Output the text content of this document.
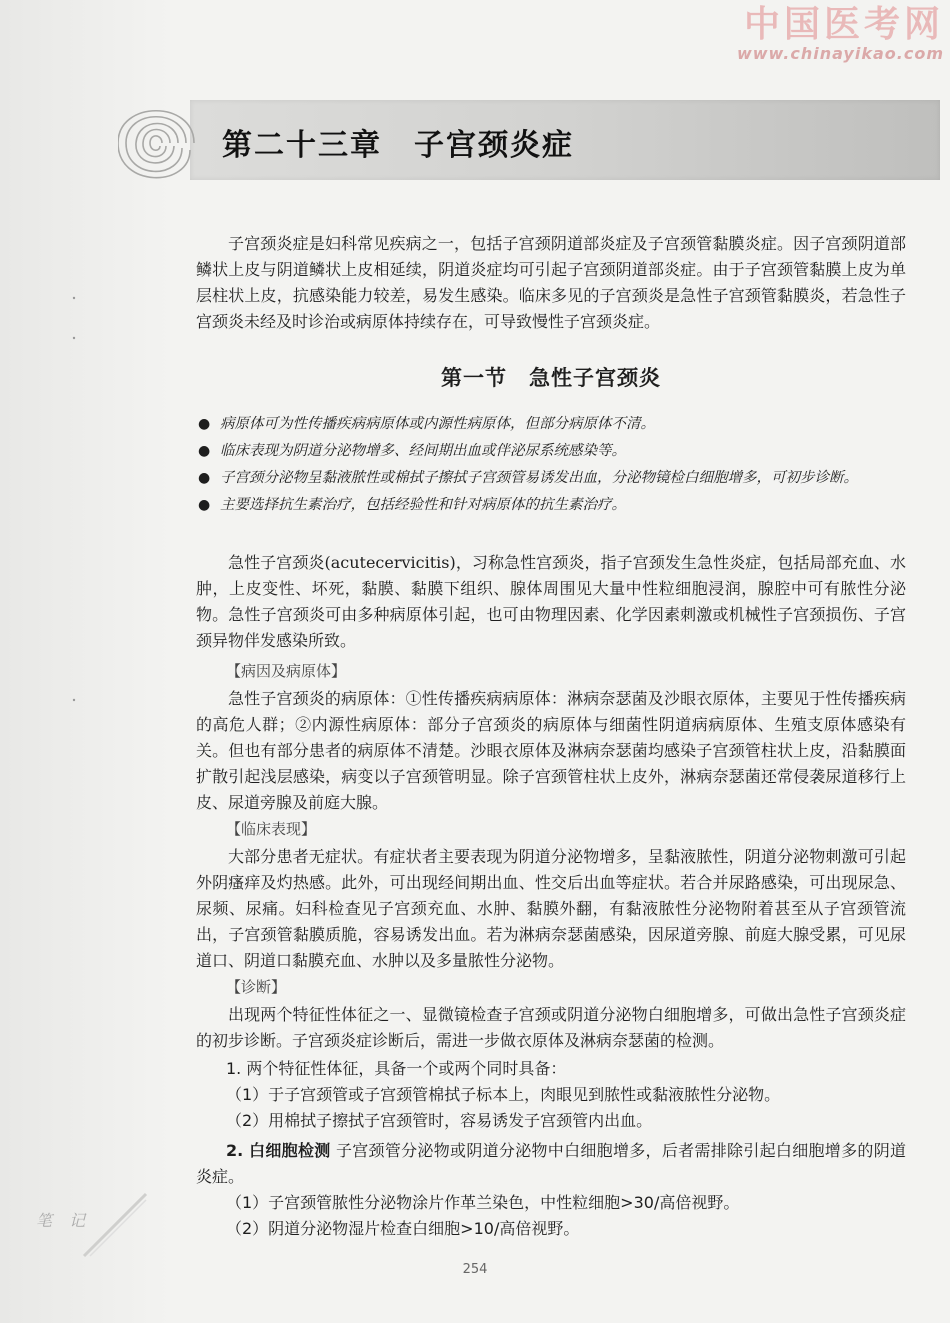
中国医考网
www.chinayikao.com
第二十三章　子宫颈炎症
子宫颈炎症是妇科常见疾病之一，包括子宫颈阴道部炎症及子宫颈管黏膜炎症。因子宫颈阴道部鳞状上皮与阴道鳞状上皮相延续，阴道炎症均可引起子宫颈阴道部炎症。由于子宫颈管黏膜上皮为单层柱状上皮，抗感染能力较差，易发生感染。临床多见的子宫颈炎是急性子宫颈管黏膜炎，若急性子宫颈炎未经及时诊治或病原体持续存在，可导致慢性子宫颈炎症。
第一节　急性子宫颈炎
● 病原体可为性传播疾病病原体或内源性病原体，但部分病原体不清。
● 临床表现为阴道分泌物增多、经间期出血或伴泌尿系统感染等。
● 子宫颈分泌物呈黏液脓性或棉拭子擦拭子宫颈管易诱发出血，分泌物镜检白细胞增多，可初步诊断。
● 主要选择抗生素治疗，包括经验性和针对病原体的抗生素治疗。
急性子宫颈炎(acutecervicitis)，习称急性宫颈炎，指子宫颈发生急性炎症，包括局部充血、水肿，上皮变性、坏死，黏膜、黏膜下组织、腺体周围见大量中性粒细胞浸润，腺腔中可有脓性分泌物。急性子宫颈炎可由多种病原体引起，也可由物理因素、化学因素刺激或机械性子宫颈损伤、子宫颈异物伴发感染所致。
【病因及病原体】
急性子宫颈炎的病原体：①性传播疾病病原体：淋病奈瑟菌及沙眼衣原体，主要见于性传播疾病的高危人群；②内源性病原体：部分子宫颈炎的病原体与细菌性阴道病病原体、生殖支原体感染有关。但也有部分患者的病原体不清楚。沙眼衣原体及淋病奈瑟菌均感染子宫颈管柱状上皮，沿黏膜面扩散引起浅层感染，病变以子宫颈管明显。除子宫颈管柱状上皮外，淋病奈瑟菌还常侵袭尿道移行上皮、尿道旁腺及前庭大腺。
【临床表现】
大部分患者无症状。有症状者主要表现为阴道分泌物增多，呈黏液脓性，阴道分泌物刺激可引起外阴瘙痒及灼热感。此外，可出现经间期出血、性交后出血等症状。若合并尿路感染，可出现尿急、尿频、尿痛。妇科检查见子宫颈充血、水肿、黏膜外翻，有黏液脓性分泌物附着甚至从子宫颈管流出，子宫颈管黏膜质脆，容易诱发出血。若为淋病奈瑟菌感染，因尿道旁腺、前庭大腺受累，可见尿道口、阴道口黏膜充血、水肿以及多量脓性分泌物。
【诊断】
出现两个特征性体征之一、显微镜检查子宫颈或阴道分泌物白细胞增多，可做出急性子宫颈炎症的初步诊断。子宫颈炎症诊断后，需进一步做衣原体及淋病奈瑟菌的检测。
1. 两个特征性体征，具备一个或两个同时具备：
（1）于子宫颈管或子宫颈管棉拭子标本上，肉眼见到脓性或黏液脓性分泌物。
（2）用棉拭子擦拭子宫颈管时，容易诱发子宫颈管内出血。
2. 白细胞检测 子宫颈管分泌物或阴道分泌物中白细胞增多，后者需排除引起白细胞增多的阴道炎症。
（1）子宫颈管脓性分泌物涂片作革兰染色，中性粒细胞>30/高倍视野。
（2）阴道分泌物湿片检查白细胞>10/高倍视野。
笔 记
254
